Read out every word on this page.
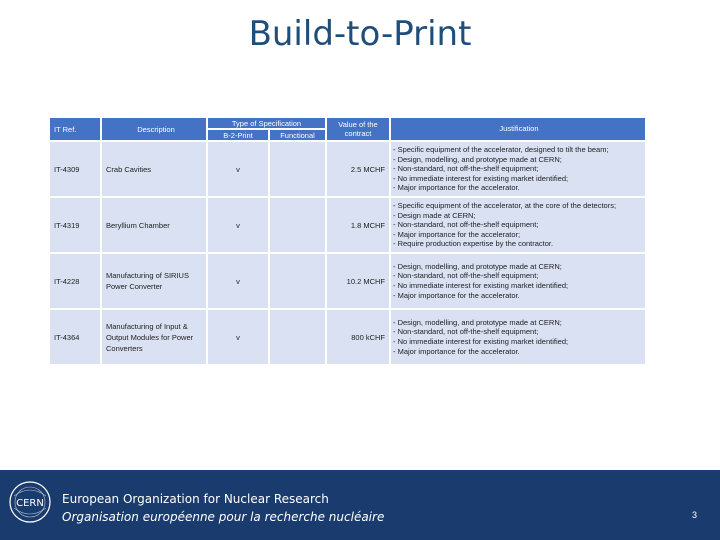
Build-to-Print
IT Ref.	Description	Type of Specification		Value of the contract	Justification
		B-2-Print	Functional		
IT-4309	Crab Cavities	v		2.5 MCHF	- Specific equipment of the accelerator, designed to tilt the beam;
- Design, modelling, and prototype made at CERN;
- Non-standard, not off-the-shelf equipment;
- No immediate interest for existing market identified;
- Major importance for the accelerator.

IT-4319	Beryllium Chamber	v		1.8 MCHF	- Specific equipment of the accelerator, at the core of the detectors;
- Design made at CERN;
- Non-standard, not off-the-shelf equipment;
- Major importance for the accelerator;
- Require production expertise by the contractor.

IT-4228	Manufacturing of SIRIUS Power Converter	v		10.2 MCHF	- Design, modelling, and prototype made at CERN;
- Non-standard, not off-the-shelf equipment;
- No immediate interest for existing market identified;
- Major importance for the accelerator.

IT-4364	Manufacturing of Input & Output Modules for Power Converters	v		800 kCHF	- Design, modelling, and prototype made at CERN;
- Non-standard, not off-the-shelf equipment;
- No immediate interest for existing market identified;
- Major importance for the accelerator.
CERN European Organization for Nuclear Research
Organisation européenne pour la recherche nucléaire	3
